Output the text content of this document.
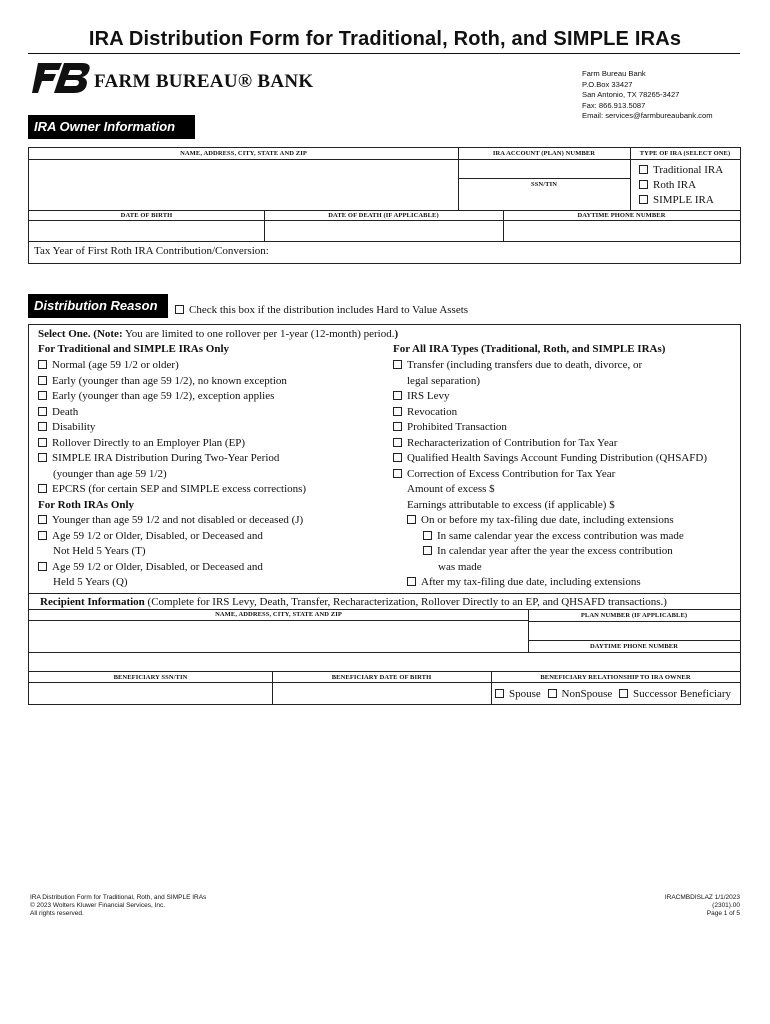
IRA Distribution Form for Traditional, Roth, and SIMPLE IRAs
FARM BUREAU® BANK	Farm Bureau Bank
P.O.Box 33427
San Antonio, TX 78265-3427
Fax: 866.913.5087
Email: services@farmbureaubank.com
IRA Owner Information
NAME, ADDRESS, CITY, STATE AND ZIP	IRA ACCOUNT (PLAN) NUMBER	TYPE OF IRA (SELECT ONE)
SSN/TIN
Traditional IRA
Roth IRA
SIMPLE IRA
DATE OF BIRTH	DATE OF DEATH (IF APPLICABLE)	DAYTIME PHONE NUMBER
Tax Year of First Roth IRA Contribution/Conversion:
Distribution Reason	Check this box if the distribution includes Hard to Value Assets
Select One. (Note: You are limited to one rollover per 1-year (12-month) period.)
For Traditional and SIMPLE IRAs Only
Normal (age 59 1/2 or older)
Early (younger than age 59 1/2), no known exception
Early (younger than age 59 1/2), exception applies
Death
Disability
Rollover Directly to an Employer Plan (EP)
SIMPLE IRA Distribution During Two-Year Period
(younger than age 59 1/2)
EPCRS (for certain SEP and SIMPLE excess corrections)
For Roth IRAs Only
Younger than age 59 1/2 and not disabled or deceased (J)
Age 59 1/2 or Older, Disabled, or Deceased and
Not Held 5 Years (T)
Age 59 1/2 or Older, Disabled, or Deceased and
Held 5 Years (Q)
For All IRA Types (Traditional, Roth, and SIMPLE IRAs)
Transfer (including transfers due to death, divorce, or
legal separation)
IRS Levy
Revocation
Prohibited Transaction
Recharacterization of Contribution for Tax Year
Qualified Health Savings Account Funding Distribution (QHSAFD)
Correction of Excess Contribution for Tax Year
Amount of excess $
Earnings attributable to excess (if applicable) $
On or before my tax-filing due date, including extensions
In same calendar year the excess contribution was made
In calendar year after the year the excess contribution
was made
After my tax-filing due date, including extensions
Recipient Information (Complete for IRS Levy, Death, Transfer, Recharacterization, Rollover Directly to an EP, and QHSAFD transactions.)
NAME, ADDRESS, CITY, STATE AND ZIP	PLAN NUMBER (IF APPLICABLE)
DAYTIME PHONE NUMBER
BENEFICIARY SSN/TIN	BENEFICIARY DATE OF BIRTH	BENEFICIARY RELATIONSHIP TO IRA OWNER
Spouse NonSpouse Successor Beneficiary
IRA Distribution Form for Traditional, Roth, and SIMPLE IRAs
© 2023 Wolters Kluwer Financial Services, Inc.
All rights reserved.
IRACMBDISLAZ 1/1/2023
(2301).00
Page 1 of 5
